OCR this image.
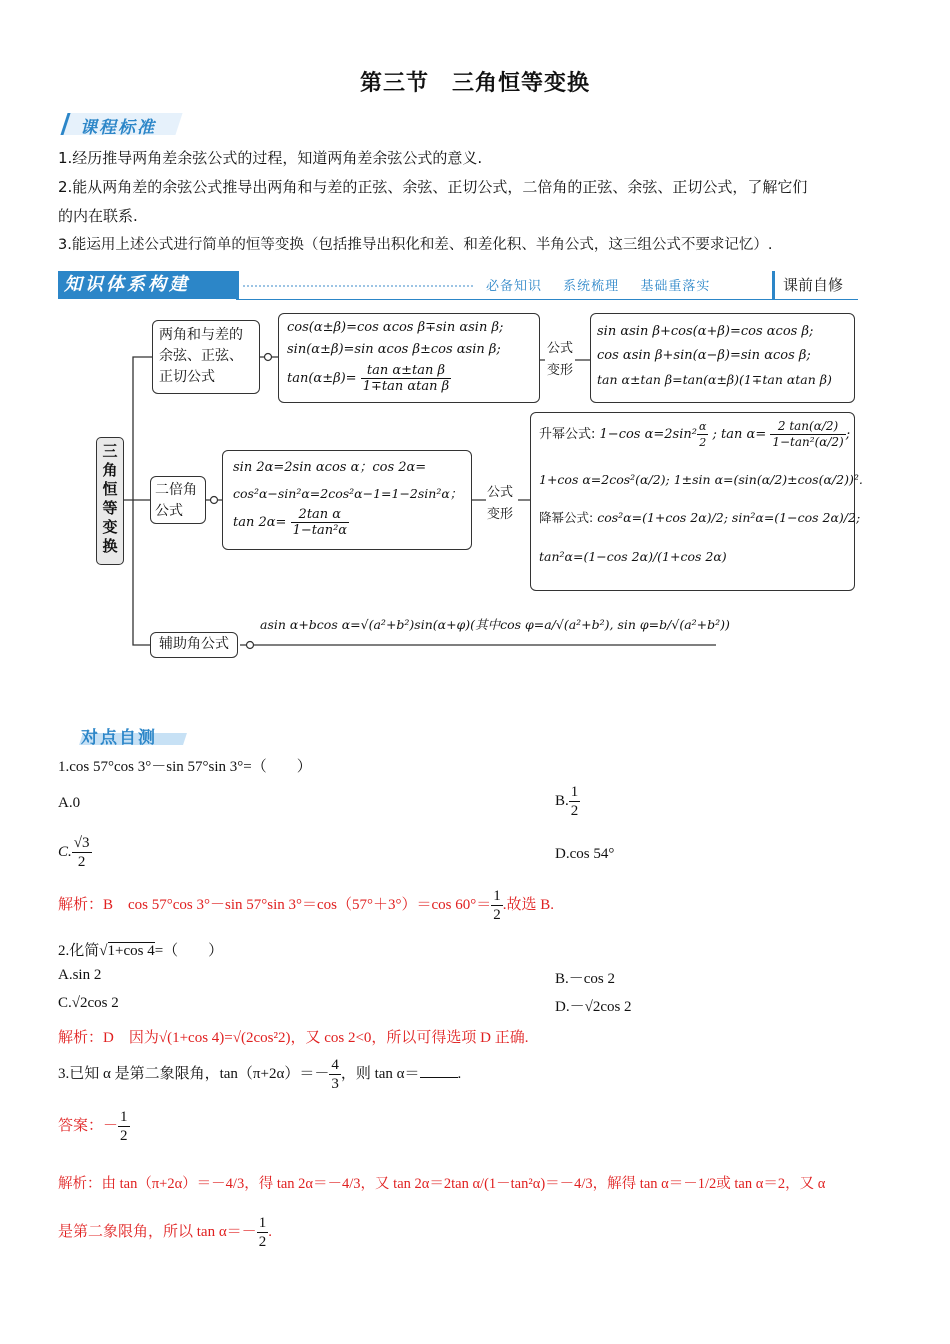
第三节　三角恒等变换
课程标准
1.经历推导两角差余弦公式的过程，知道两角差余弦公式的意义.
2.能从两角差的余弦公式推导出两角和与差的正弦、余弦、正切公式，二倍角的正弦、余弦、正切公式，了解它们
的内在联系.
3.能运用上述公式进行简单的恒等变换（包括推导出积化和差、和差化积、半角公式，这三组公式不要求记忆）.
知识体系构建	必备知识 系统梳理 基础重落实	课前自修
三
角
恒
等
变
换
两角和与差的
余弦、正弦、
正切公式
cos(α±β)=cos αcos β∓sin αsin β;
sin(α±β)=sin αcos β±cos αsin β;
$\tan(\alpha\pm\beta)= \frac{\text{tan α±tan β}}{\text{1∓tan αtan β}}$
公式
变形
sin αsin β+cos(α+β)=cos αcos β;
cos αsin β+sin(α−β)=sin αcos β;
tan α±tan β=tan(α±β)(1∓tan αtan β)
二倍角
公式
sin 2α=2sin αcos α；cos 2α=
cos²α−sin²α=2cos²α−1=1−2sin²α；
$\tan 2\alpha= \frac{\text{2tan α}}{\text{1−tan²α}}$
公式
变形
升幂公式: 1−cos $\alpha=2\sin^2 \frac{\alpha}{2}$ ; $\tan \alpha= \frac{2 \tan(\alpha/2)}{\text{1−tan²(α/2)}}$ ;
1+cos α=2cos²(α/2); 1±sin α=(sin(α/2)±cos(α/2))².
降幂公式: cos²α=(1+cos 2α)/2; sin²α=(1−cos 2α)/2;
tan²α=(1−cos 2α)/(1+cos 2α)
辅助角公式
asin α+bcos α=√(a²+b²)sin(α+φ)(其中cos φ=a/√(a²+b²), sin φ=b/√(a²+b²))
对点自测
1.cos 57°cos 3°－sin 57°sin 3°=（　　）
A.0	B. $\frac{1}{2}$
C. $\frac{√3}{2}$	D.cos 54°
解析：B　cos 57°cos 3°－sin 57°sin 3°＝cos（57°＋3°）＝cos $60^\circ= \frac{1}{2}$ .故选 B.
2.化简√1+cos 4=（　　）
A.sin 2	B.－cos 2
C.√2cos 2	D.－√2cos 2
解析：D　因为√(1+cos 4)=√(2cos²2)，又 cos 2<0，所以可得选项 D 正确.
3.已知 α 是第二象限角，$\tan(\pi+2\alpha)=- \frac{4}{3}$ ，则 tan α＝	.
答案：－ $\frac{1}{2}$
解析：由 tan（π+2α）＝－4/3，得 tan 2α＝－4/3，又 tan 2α＝2tan α/(1－tan²α)＝－4/3，解得 tan α＝－1/2或 tan α＝2，又 α
是第二象限角，所以 $\tan \alpha=- \frac{1}{2}$ .
